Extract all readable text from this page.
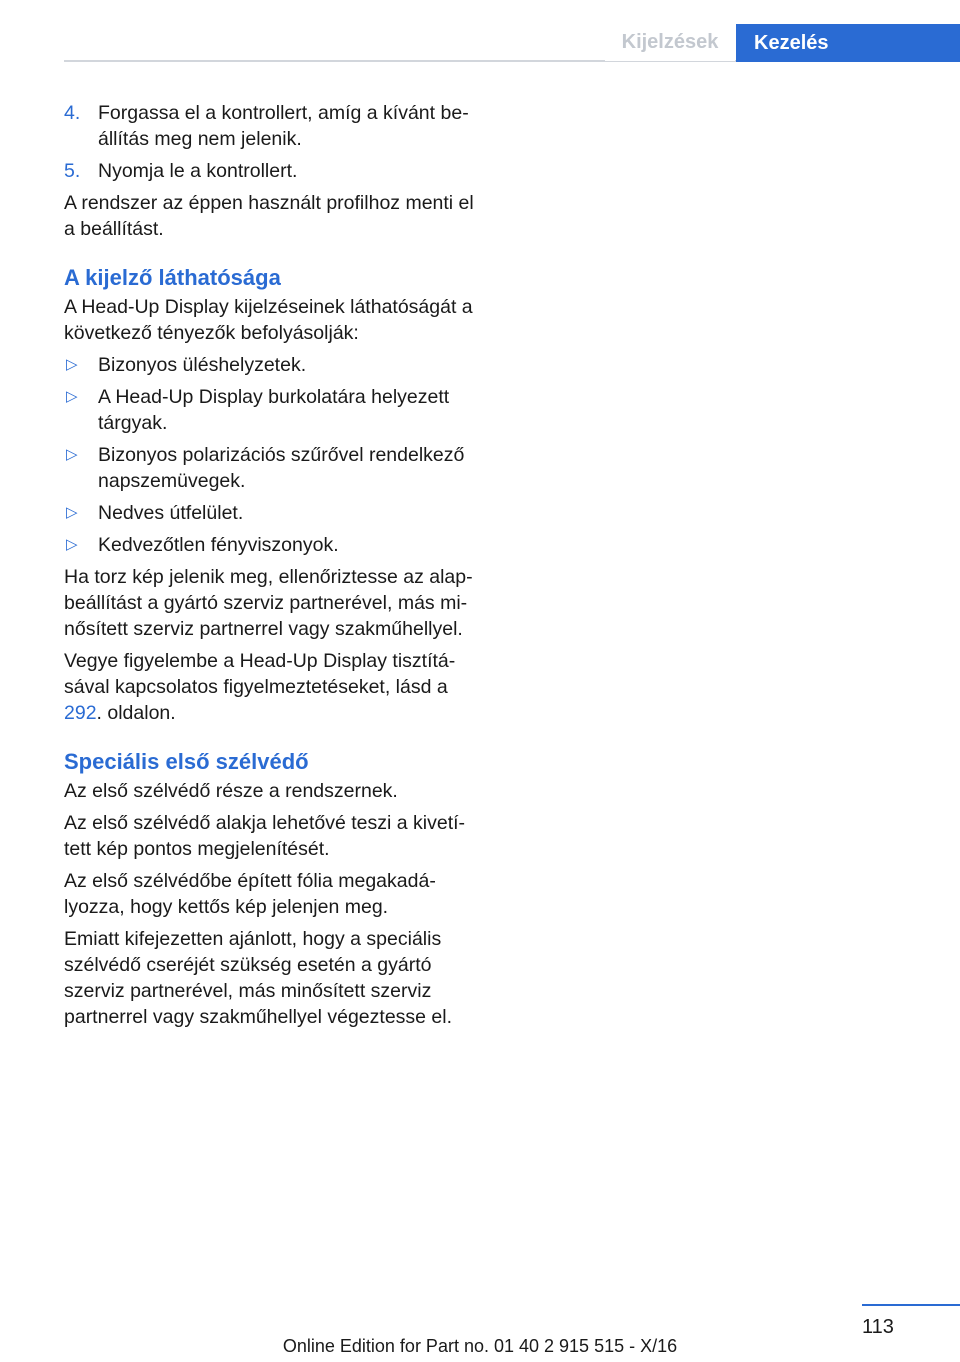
Kijelzések	Kezelés
4. Forgassa el a kontrollert, amíg a kívánt beállítás meg nem jelenik.
5. Nyomja le a kontrollert.

A rendszer az éppen használt profilhoz menti el a beállítást.

A kijelző láthatósága

A Head-Up Display kijelzéseinek láthatóságát a következő tényezők befolyásolják:

▷	Bizonyos üléshelyzetek.
▷	A Head-Up Display burkolatára helyezett tárgyak.
▷	Bizonyos polarizációs szűrővel rendelkező napszemüvegek.
▷	Nedves útfelület.
▷	Kedvezőtlen fényviszonyok.

Ha torz kép jelenik meg, ellenőriztesse az alapbeállítást a gyártó szerviz partnerével, más minősített szerviz partnerrel vagy szakműhellyel.

Vegye figyelembe a Head-Up Display tisztításával kapcsolatos figyelmeztetéseket, lásd a 292. oldalon.

Speciális első szélvédő

Az első szélvédő része a rendszernek.

Az első szélvédő alakja lehetővé teszi a kivetített kép pontos megjelenítését.

Az első szélvédőbe épített fólia megakadályozza, hogy kettős kép jelenjen meg.

Emiatt kifejezetten ajánlott, hogy a speciális szélvédő cseréjét szükség esetén a gyártó szerviz partnerével, más minősített szerviz partnerrel vagy szakműhellyel végeztesse el.

113
Online Edition for Part no. 01 40 2 915 515 - X/16
